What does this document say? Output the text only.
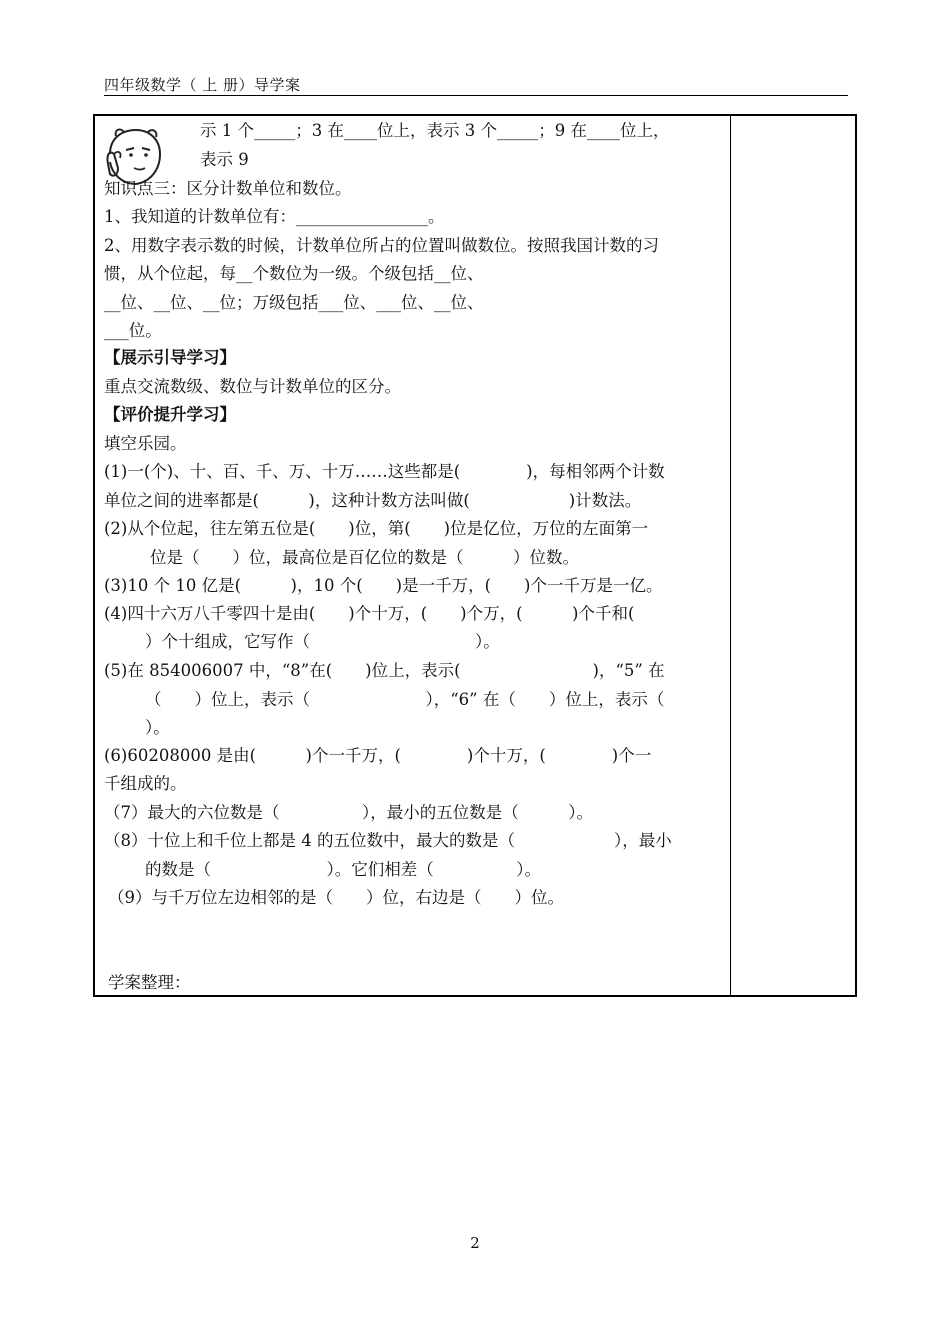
四年级数学（ 上 册）导学案
示 1 个_____；3 在____位上，表示 3 个_____；9 在____位上，
表示 9
知识点三：区分计数单位和数位。
1、我知道的计数单位有：________________。
2、用数字表示数的时候，计数单位所占的位置叫做数位。按照我国计数的习
惯，从个位起，每__个数位为一级。个级包括__位、
__位、__位、__位；万级包括___位、___位、__位、
___位。
【展示引导学习】
重点交流数级、数位与计数单位的区分。
【评价提升学习】
填空乐园。
(1)一(个)、十、百、千、万、十万……这些都是(　　　　)，每相邻两个计数
单位之间的进率都是(　　　)，这种计数方法叫做(　　　　　　)计数法。
(2)从个位起，往左第五位是(　　)位，第(　　)位是亿位，万位的左面第一
位是（　　）位，最高位是百亿位的数是（　　　）位数。
(3)10 个 10 亿是(　　　)，10 个(　　)是一千万，(　　)个一千万是一亿。
(4)四十六万八千零四十是由(　　)个十万，(　　)个万，(　　　)个千和(
）个十组成，它写作（　　　　　　　　　　）。
(5)在 854006007 中，“8”在(　　)位上，表示(　　　　　　　　)，“5” 在
（　　）位上，表示（　　　　　　　），“6” 在（　　）位上，表示（
）。
(6)60208000 是由(　　　)个一千万，(　　　　)个十万，(　　　　)个一
千组成的。
（7）最大的六位数是（　　　　　），最小的五位数是（　　　）。
（8）十位上和千位上都是 4 的五位数中，最大的数是（　　　　　　），最小
的数是（　　　　　　　）。它们相差（　　　　　）。
（9）与千万位左边相邻的是（　　）位，右边是（　　）位。
学案整理：
2
